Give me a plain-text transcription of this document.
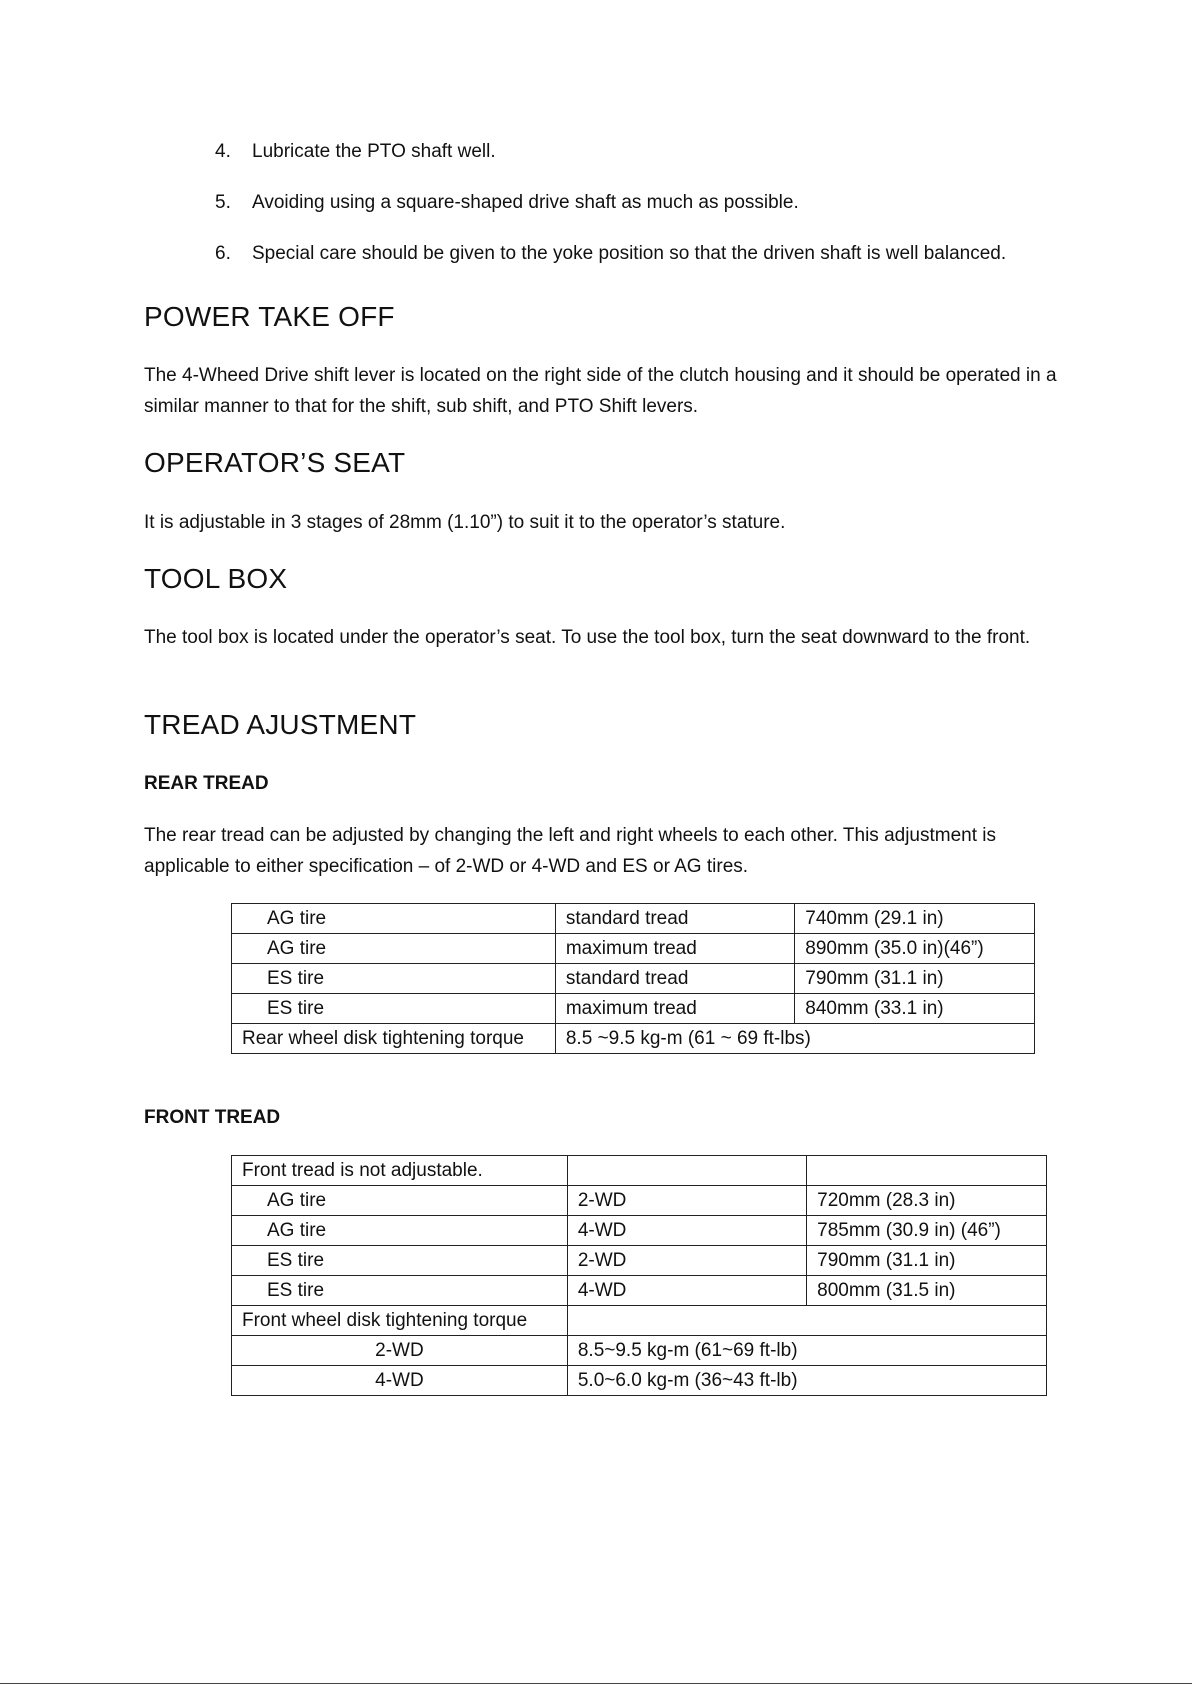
4.	Lubricate the PTO shaft well.
5.	Avoiding using a square-shaped drive shaft as much as possible.
6.	Special care should be given to the yoke position so that the driven shaft is well balanced.
POWER TAKE OFF

The 4-Wheed Drive shift lever is located on the right side of the clutch housing and it should be operated in a similar manner to that for the shift, sub shift, and PTO Shift levers.

OPERATOR’S SEAT

It is adjustable in 3 stages of 28mm (1.10”) to suit it to the operator’s stature.

TOOL BOX

The tool box is located under the operator’s seat. To use the tool box, turn the seat downward to the front.

TREAD AJUSTMENT
REAR TREAD

The rear tread can be adjusted by changing the left and right wheels to each other. This adjustment is applicable to either specification – of 2-WD or 4-WD and ES or AG tires.

AG tire	standard tread	740mm (29.1 in)
AG tire	maximum tread	890mm (35.0 in)(46”)
ES tire	standard tread	790mm (31.1 in)
ES tire	maximum tread	840mm (33.1 in)
Rear wheel disk tightening torque	8.5 ~9.5 kg-m (61 ~ 69 ft-lbs)	
FRONT TREAD
Front tread is not adjustable.		
AG tire	2-WD	720mm (28.3 in)
AG tire	4-WD	785mm (30.9 in) (46”)
ES tire	2-WD	790mm (31.1 in)
ES tire	4-WD	800mm (31.5 in)
Front wheel disk tightening torque		
2-WD	8.5~9.5 kg-m (61~69 ft-lb)	
4-WD	5.0~6.0 kg-m (36~43 ft-lb)	
